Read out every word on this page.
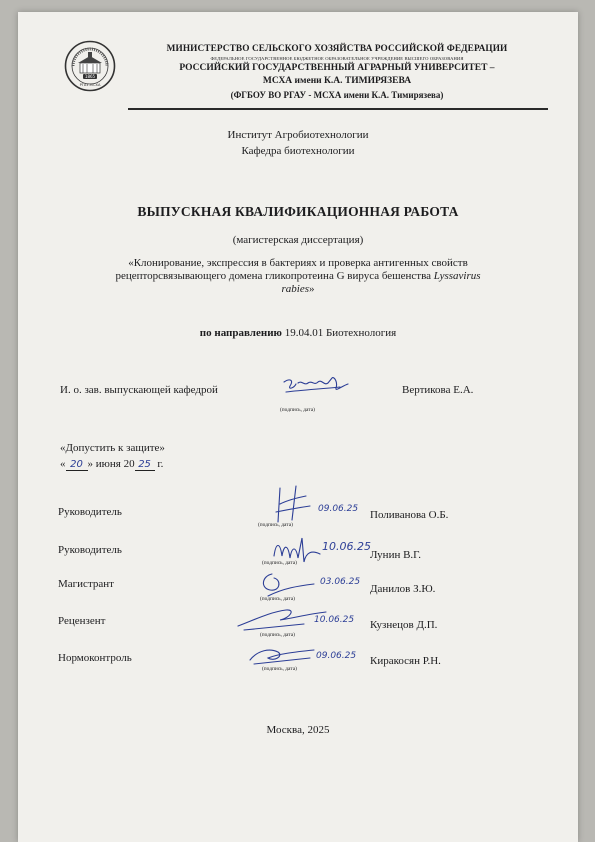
1865
РГАУ-МСХА
МИНИСТЕРСТВО СЕЛЬСКОГО ХОЗЯЙСТВА РОССИЙСКОЙ ФЕДЕРАЦИИ
ФЕДЕРАЛЬНОЕ ГОСУДАРСТВЕННОЕ БЮДЖЕТНОЕ ОБРАЗОВАТЕЛЬНОЕ УЧРЕЖДЕНИЕ ВЫСШЕГО ОБРАЗОВАНИЯ
РОССИЙСКИЙ ГОСУДАРСТВЕННЫЙ АГРАРНЫЙ УНИВЕРСИТЕТ –
МСХА имени К.А. ТИМИРЯЗЕВА
(ФГБОУ ВО РГАУ - МСХА имени К.А. Тимирязева)
Институт Агробиотехнологии
Кафедра биотехнологии
ВЫПУСКНАЯ КВАЛИФИКАЦИОННАЯ РАБОТА
(магистерская диссертация)
«Клонирование, экспрессия в бактериях и проверка антигенных свойств
рецепторсвязывающего домена гликопротеина G вируса бешенства Lyssavirus
rabies»
по направлению 19.04.01 Биотехнология
И. о. зав. выпускающей кафедрой
(подпись, дата)
Вертикова Е.А.
«Допустить к защите»
« 20 » июня 20 25 г.
Руководитель	09.06.25
(подпись, дата)
Поливанова О.Б.
Руководитель	10.06.25
(подпись, дата)
Лунин В.Г.
Магистрант	03.06.25
(подпись, дата)
Данилов З.Ю.
Рецензент	10.06.25
(подпись, дата)
Кузнецов Д.П.
Нормоконтроль	09.06.25
(подпись, дата)
Киракосян Р.Н.
Москва, 2025
